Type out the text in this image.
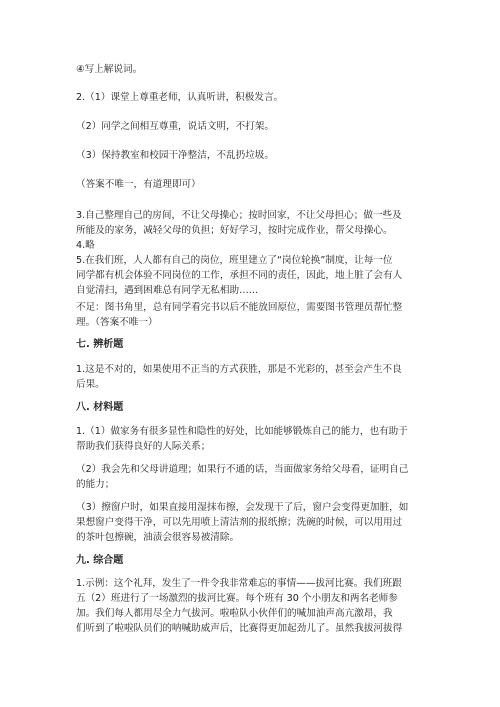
④写上解说词。

2.（1）课堂上尊重老师，认真听讲，积极发言。

（2）同学之间相互尊重，说话文明，不打架。

（3）保持教室和校园干净整洁，不乱扔垃圾。

（答案不唯一，有道理即可）

3.自己整理自己的房间，不让父母操心；按时回家，不让父母担心；做一些及

所能及的家务，减轻父母的负担；好好学习，按时完成作业，帮父母操心。

4.略

5.在我们班，人人都有自己的岗位，班里建立了“岗位轮换”制度，让每一位

同学都有机会体验不同岗位的工作，承担不同的责任，因此，地上脏了会有人

自觉清扫，遇到困难总有同学无私相助……

不足：图书角里，总有同学看完书以后不能放回原位，需要图书管理员帮忙整

理。（答案不唯一）

七. 辨析题

1.这是不对的，如果使用不正当的方式获胜，那是不光彩的，甚至会产生不良

后果。

八. 材料题

1.（1）做家务有很多显性和隐性的好处，比如能够锻炼自己的能力，也有助于

帮助我们获得良好的人际关系；

（2）我会先和父母讲道理；如果行不通的话，当面做家务给父母看，证明自己

的能力；

（3）擦窗户时，如果直接用湿抹布擦，会发现干了后，窗户会变得更加脏，如

果想窗户变得干净，可以先用喷上清洁剂的报纸擦；洗碗的时候，可以用用过

的茶叶包擦碗，油渍会很容易被清除。

九. 综合题

1.示例：这个礼拜，发生了一件令我非常难忘的事情——拔河比赛。我们班跟

五（2）班进行了一场激烈的拔河比赛。每个班有 30 个小朋友和两名老师参

加。我们每人都用尽全力气拔河。啦啦队小伙伴们的喊加油声高亢激昂，我

们听到了啦啦队员们的呐喊助威声后，比赛得更加起劲儿了。虽然我拔河拔得
